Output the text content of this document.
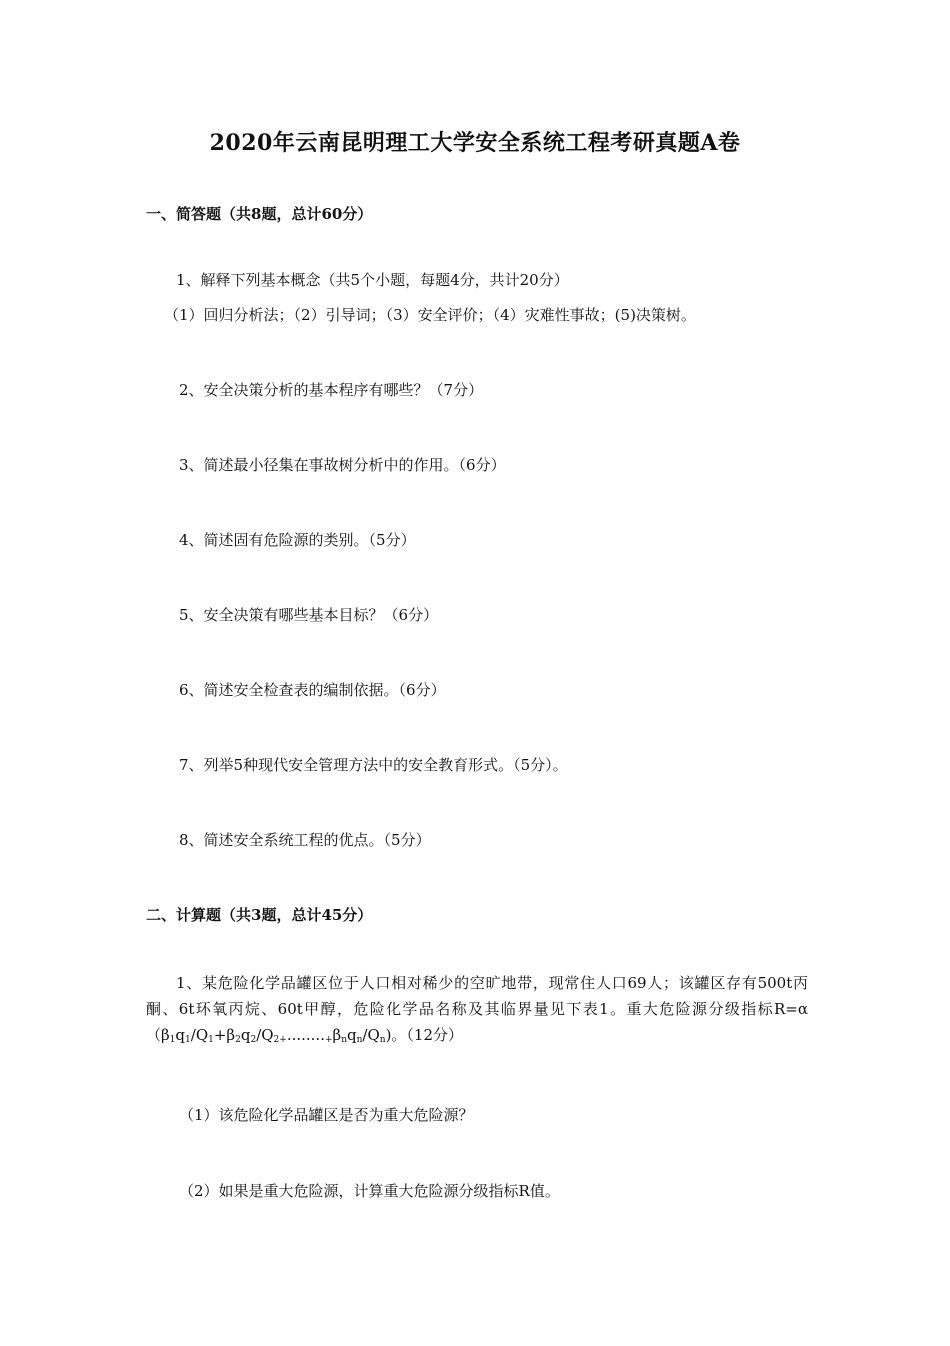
2020年云南昆明理工大学安全系统工程考研真题A卷
一、简答题（共8题，总计60分）
1、解释下列基本概念（共5个小题，每题4分，共计20分）
（1）回归分析法；（2）引导词；（3）安全评价；（4）灾难性事故；(5)决策树。
2、安全决策分析的基本程序有哪些？（7分）
3、简述最小径集在事故树分析中的作用。（6分）
4、简述固有危险源的类别。（5分）
5、安全决策有哪些基本目标？（6分）
6、简述安全检查表的编制依据。（6分）
7、列举5种现代安全管理方法中的安全教育形式。（5分）。
8、简述安全系统工程的优点。（5分）
二、计算题（共3题，总计45分）
1、某危险化学品罐区位于人口相对稀少的空旷地带，现常住人口69人；该罐区存有500t丙酮、6t环氧丙烷、60t甲醇，危险化学品名称及其临界量见下表1。重大危险源分级指标$R=\alpha(\beta_1q_1/Q_1+\beta_2q_2/Q_{2+}........_+\beta_nq_n/Q_n)$。（12分）
（1）该危险化学品罐区是否为重大危险源？
（2）如果是重大危险源，计算重大危险源分级指标R值。
